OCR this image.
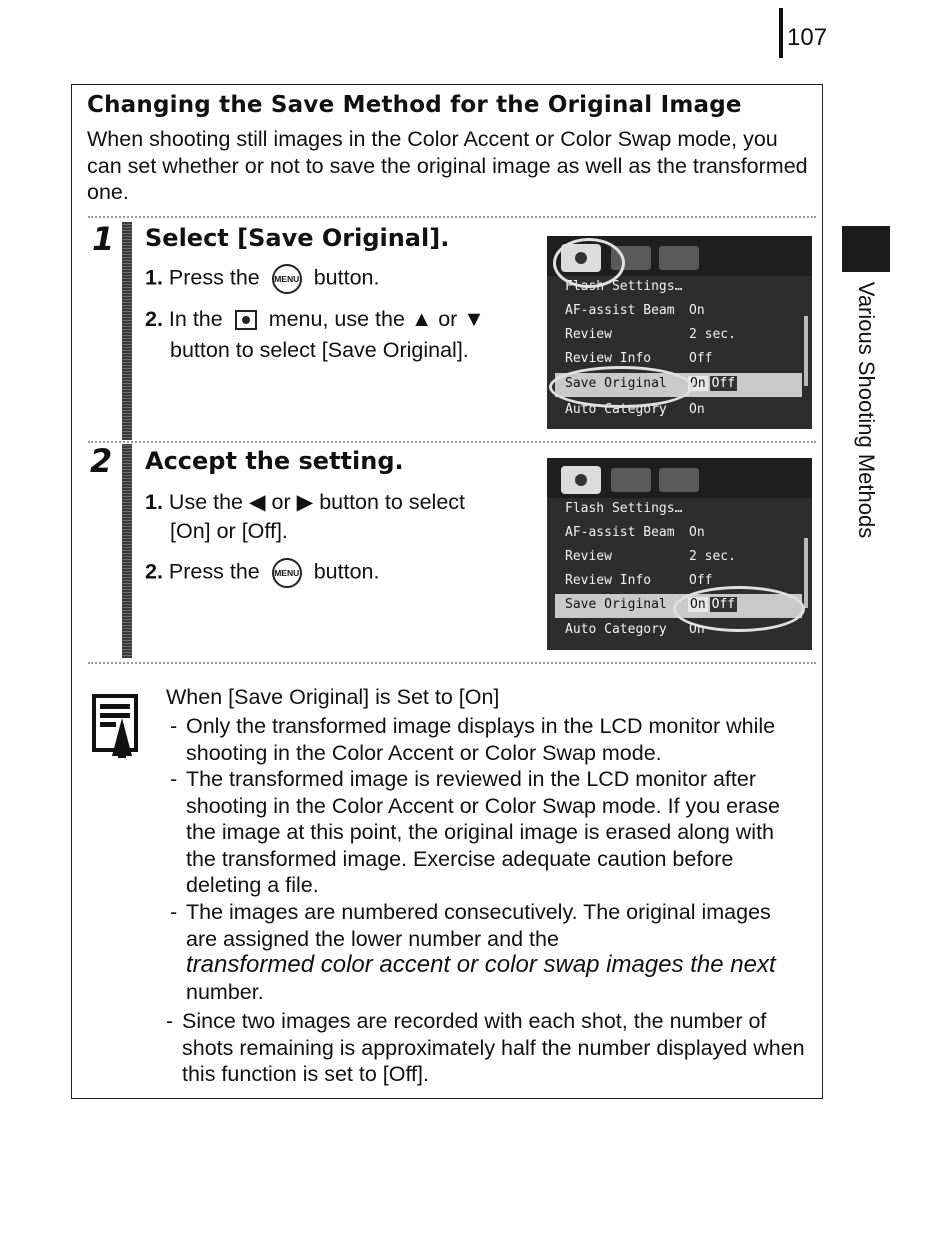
107
Various Shooting Methods
Changing the Save Method for the Original Image
When shooting still images in the Color Accent or Color Swap mode, you can set whether or not to save the original image as well as the transformed one.
1 Select [Save Original].
1. Press the MENU button.
2. In the menu, use the ▲ or ▼
button to select [Save Original].
Flash Settings…
AF-assist Beam On
Review	2 sec.
Review Info	Off
Save Original On Off
Auto Category On
2 Accept the setting.
1. Use the ◀ or ▶ button to select
[On] or [Off].
2. Press the MENU button.
Flash Settings…
AF-assist Beam On
Review	2 sec.
Review Info	Off
Save Original On Off
Auto Category On
When [Save Original] is Set to [On]
- Only the transformed image displays in the LCD monitor while shooting in the Color Accent or Color Swap mode.
- The transformed image is reviewed in the LCD monitor after shooting in the Color Accent or Color Swap mode. If you erase the image at this point, the original image is erased along with the transformed image. Exercise adequate caution before deleting a file.
- The images are numbered consecutively. The original images are assigned the lower number and the
transformed color accent or color swap images the next
number.
- Since two images are recorded with each shot, the number of shots remaining is approximately half the number displayed when this function is set to [Off].
